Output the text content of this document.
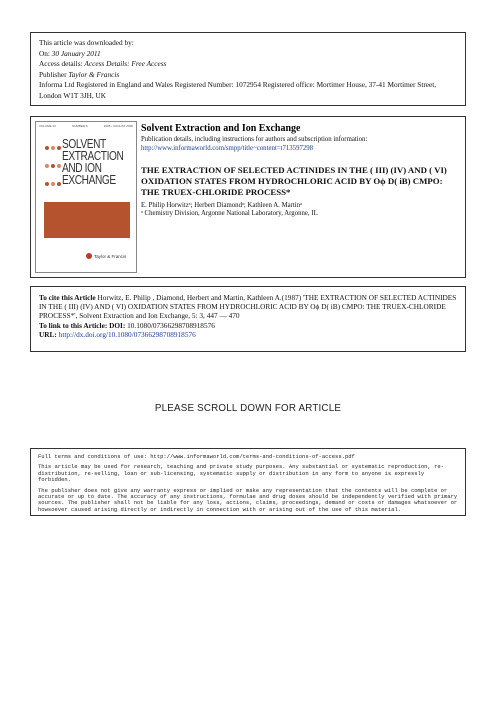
This article was downloaded by:
On: 30 January 2011
Access details: Access Details: Free Access
Publisher Taylor & Francis
Informa Ltd Registered in England and Wales Registered Number: 1072954 Registered office: Mortimer House, 37-41 Mortimer Street, London W1T 3JH, UK
VOLUME 23	NUMBER 6	2005 • AUGUST 2005
SOLVENT
EXTRACTION
AND ION
EXCHANGE
Taylor & Francis
Solvent Extraction and Ion Exchange
Publication details, including instructions for authors and subscription information:
http://www.informaworld.com/smpp/title~content=t713597298
THE EXTRACTION OF SELECTED ACTINIDES IN THE ( III) (IV) AND ( VI) OXIDATION STATES FROM HYDROCHLORIC ACID BY Oϕ D( iB) CMPO: THE TRUEX-CHLORIDE PROCESS*
E. Philip Horwitzᵃ; Herbert Diamondᵃ; Kathleen A. Martinᵃ
ᵃ Chemistry Division, Argonne National Laboratory, Argonne, IL
To cite this Article Horwitz, E. Philip , Diamond, Herbert and Martin, Kathleen A.(1987) 'THE EXTRACTION OF SELECTED ACTINIDES IN THE ( III) (IV) AND ( VI) OXIDATION STATES FROM HYDROCHLORIC ACID BY Oϕ D( iB) CMPO: THE TRUEX-CHLORIDE PROCESS*', Solvent Extraction and Ion Exchange, 5: 3, 447 — 470
To link to this Article: DOI: 10.1080/07366298708918576
URL: http://dx.doi.org/10.1080/07366298708918576
PLEASE SCROLL DOWN FOR ARTICLE

Full terms and conditions of use: http://www.informaworld.com/terms-and-conditions-of-access.pdf

This article may be used for research, teaching and private study purposes. Any substantial or systematic reproduction, re-distribution, re-selling, loan or sub-licensing, systematic supply or distribution in any form to anyone is expressly forbidden.

The publisher does not give any warranty express or implied or make any representation that the contents will be complete or accurate or up to date. The accuracy of any instructions, formulae and drug doses should be independently verified with primary sources. The publisher shall not be liable for any loss, actions, claims, proceedings, demand or costs or damages whatsoever or howsoever caused arising directly or indirectly in connection with or arising out of the use of this material.
